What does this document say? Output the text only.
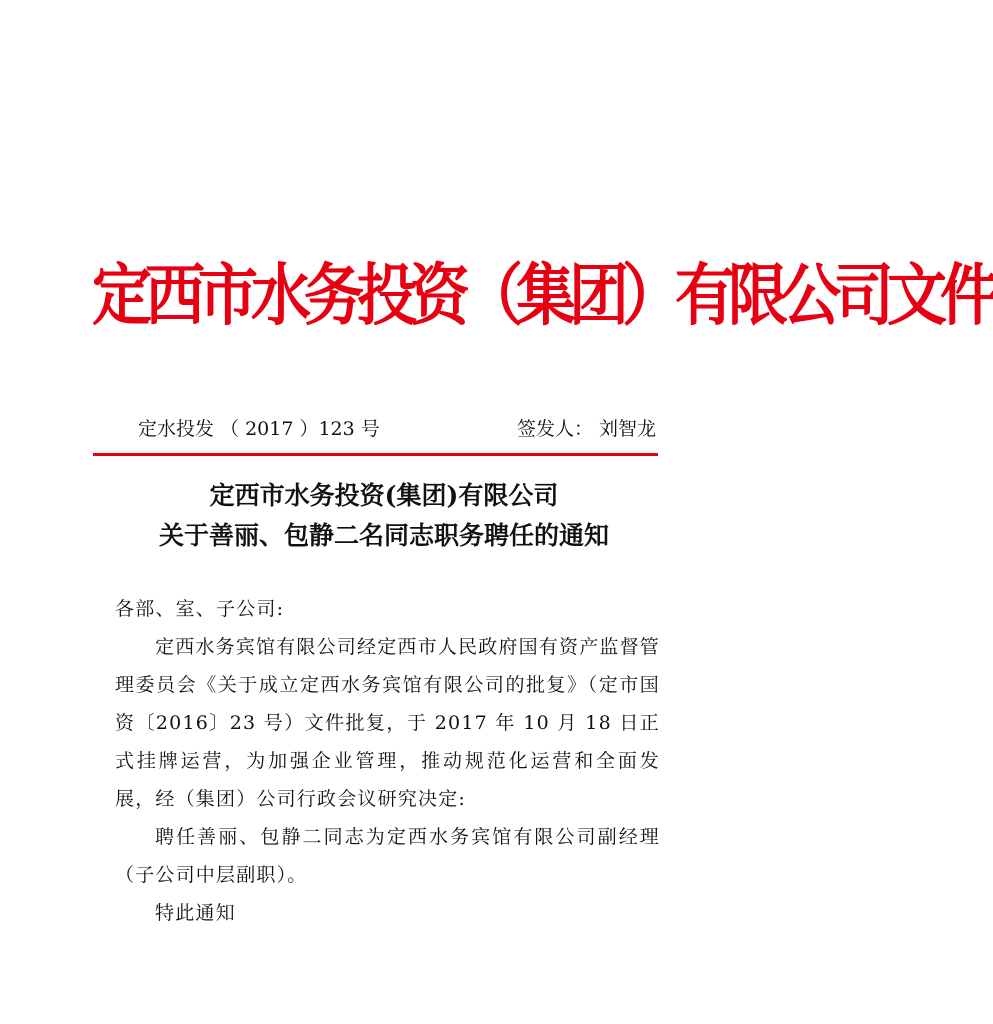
定西市水务投资（集团）有限公司文件
定水投发 （ 2017 ）123 号	签发人： 刘智龙
定西市水务投资(集团)有限公司
关于善丽、包静二名同志职务聘任的通知

各部、室、子公司:

定西水务宾馆有限公司经定西市人民政府国有资产监督管理委员会《关于成立定西水务宾馆有限公司的批复》（定市国资〔2016〕23 号）文件批复，于 2017 年 10 月 18 日正式挂牌运营，为加强企业管理，推动规范化运营和全面发展，经（集团）公司行政会议研究决定:

聘任善丽、包静二同志为定西水务宾馆有限公司副经理（子公司中层副职）。

特此通知
